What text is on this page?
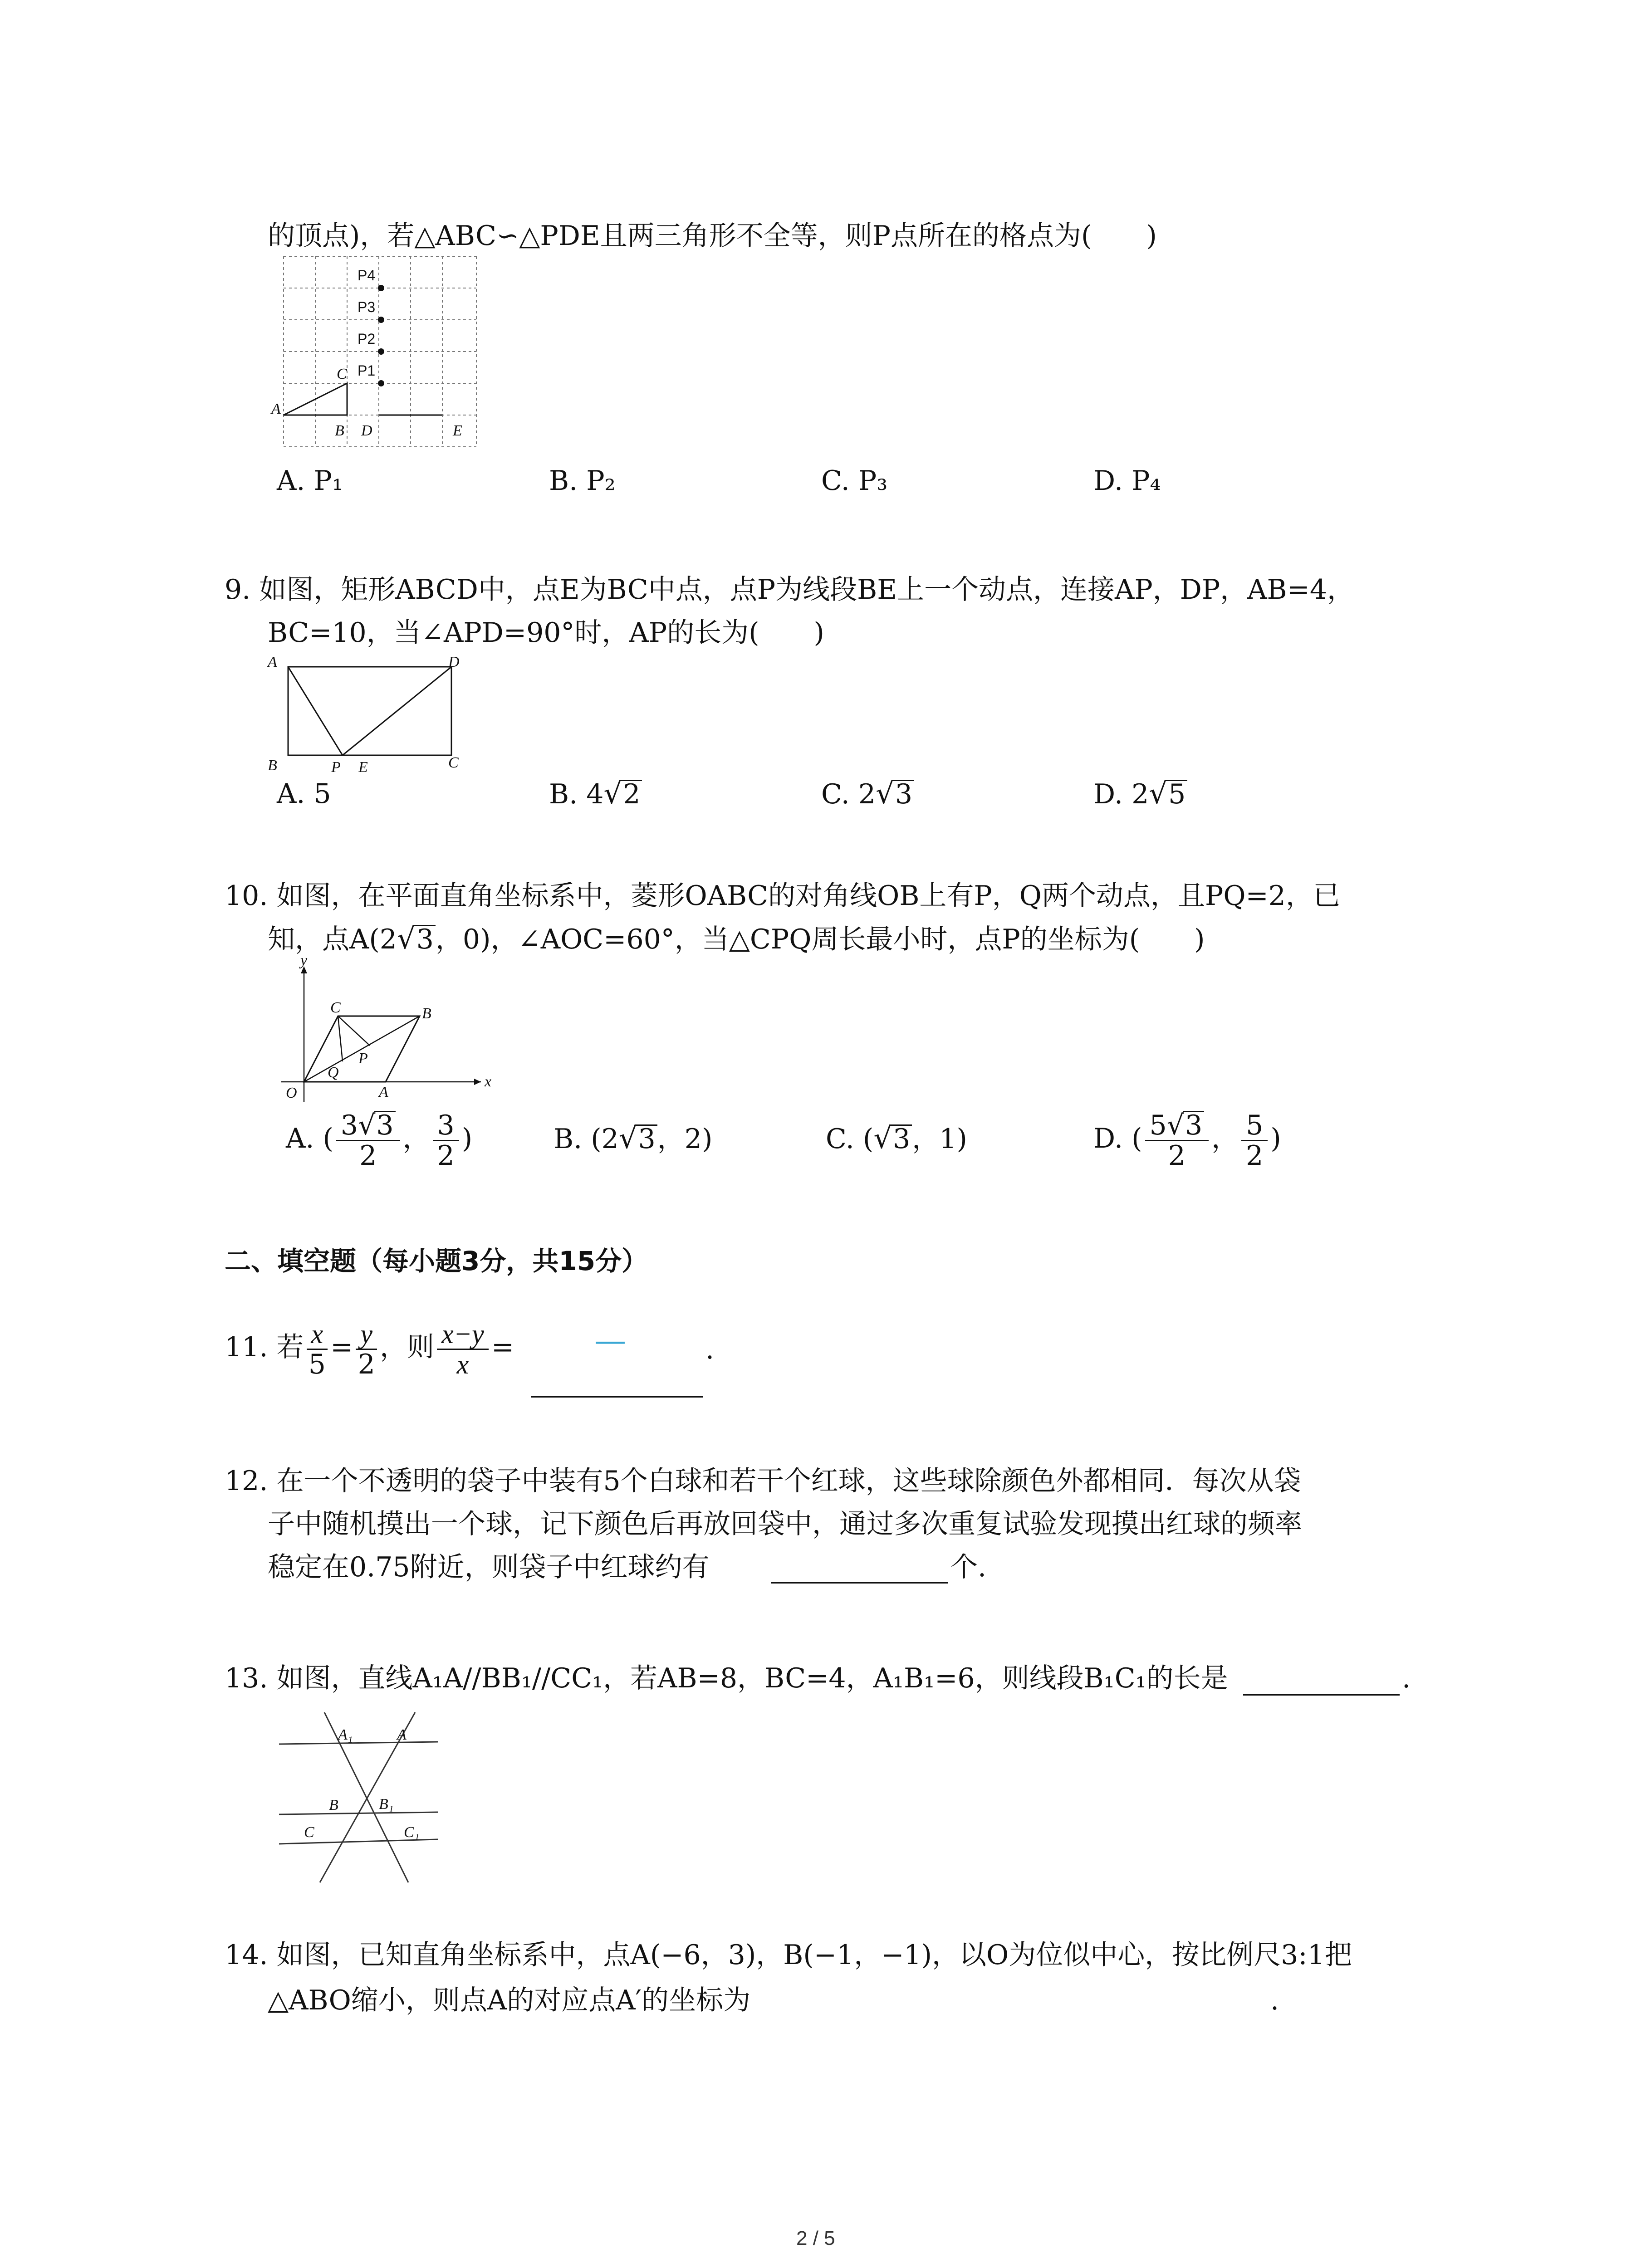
的顶点)，若△ABC∽△PDE且两三角形不全等，则P点所在的格点为(　　)
P4
P3
P2
P1
C
A
B D	E
A. P₁	B. P₂	C. P₃	D. P₄
9. 如图，矩形ABCD中，点E为BC中点，点P为线段BE上一个动点，连接AP，DP，AB=4，
BC=10，当∠APD=90°时，AP的长为(　　)
A	D
B	P E	C
A. 5	B. 4√2	C. 2√3	D. 2√5
10. 如图，在平面直角坐标系中，菱形OABC的对角线OB上有P，Q两个动点，且PQ=2，已
知，点A(2√3，0)，∠AOC=60°，当△CPQ周长最小时，点P的坐标为(　　)
y
x
C	B
P
Q
O	A
A. ( $\frac{3√3}{2}$ ， $\frac{3}{2}$ )	B. (2√3，2)	C. (√3，1)	D. ( $\frac{5√3}{2}$ ， $\frac{5}{2}$ )
二、填空题（每小题3分，共15分）
11. 若 $\frac{x}{5} = \frac{y}{2}$ ，则 $\frac{x-y}{x}$ =	—	.
12. 在一个不透明的袋子中装有5个白球和若干个红球，这些球除颜色外都相同．每次从袋
子中随机摸出一个球，记下颜色后再放回袋中，通过多次重复试验发现摸出红球的频率
稳定在0.75附近，则袋子中红球约有	个.
13. 如图，直线A₁A//BB₁//CC₁，若AB=8，BC=4，A₁B₁=6，则线段B₁C₁的长是	.
A₁	A
B	B₁
C	C₁
14. 如图，已知直角坐标系中，点A(−6，3)，B(−1，−1)，以O为位似中心，按比例尺3:1把
△ABO缩小，则点A的对应点A′的坐标为	.
2 / 5
